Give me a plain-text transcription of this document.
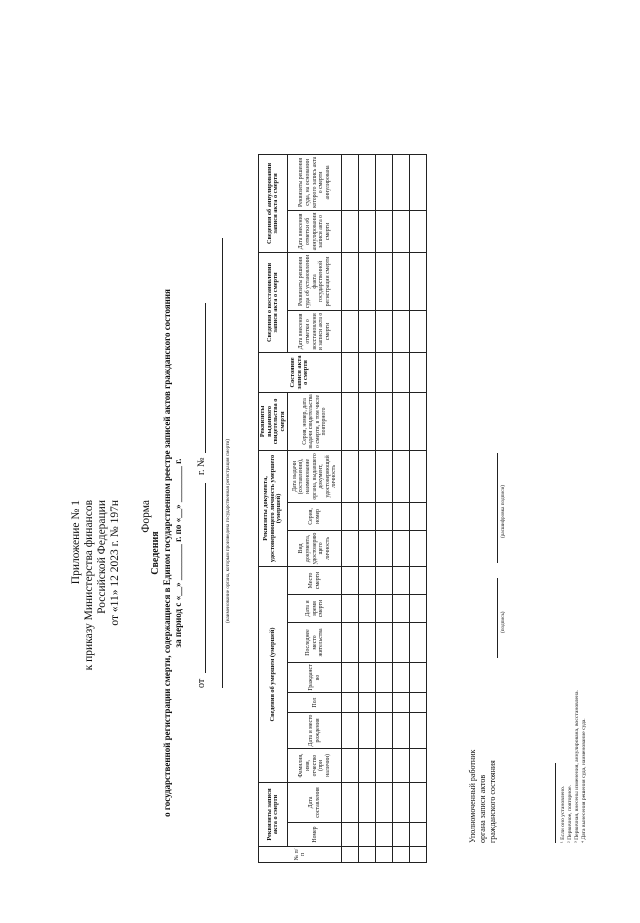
Приложение № 1 к приказу Министерства финансов Российской Федерации от «11» 12 2023 г. № 197н Форма
Сведения о государственной регистрации смерти, содержащиеся в Едином государственном реестре записей актов гражданского состояния за период с «__» ________ г. по «__» ________ г.
от
г. №	(наименование органа, которым произведена государственная регистрация смерти)
№ п/п	Реквизиты записи акта о смерти		Сведения об умершем (умершей)							Реквизиты документа, удостоверяющего личность умершего (умершей)			Реквизиты выданного свидетельства о смерти	Состояние записи акта о смерти	Сведения о восстановлении записи акта о смерти		Сведения об аннулировании записи акта о смерти		
	Номер	Дата составления	Фамилия, имя, отчество (при наличии)	Дата и место рождения	Пол	Гражданство	Последнее место жительства	Дата и время смерти	Место смерти	Вид документа, удостоверяющего личность	Серия, номер	Дата выдачи (составления), наименование органа, выдавшего документ, удостоверяющий личность	Серия, номер, дата выдачи свидетельства о смерти, в том числе повторного		Дата внесения отметки о восстановлении записи акта о смерти	Реквизиты решения суда об установлении факта государственной регистрации смерти	Дата внесения отметки об аннулировании записи акта о смерти	Реквизиты решения суда, на основании которого запись акта о смерти аннулирована	

Уполномоченный работник органа записи актов гражданского состояния
(подпись)
(расшифровка подписи)
¹ Если оно установлено. ² Первичное, повторное. ³ Первичная, внесены изменения, аннулирована, восстановлена. ⁴ Дата вынесения решения суда, наименование суда.
